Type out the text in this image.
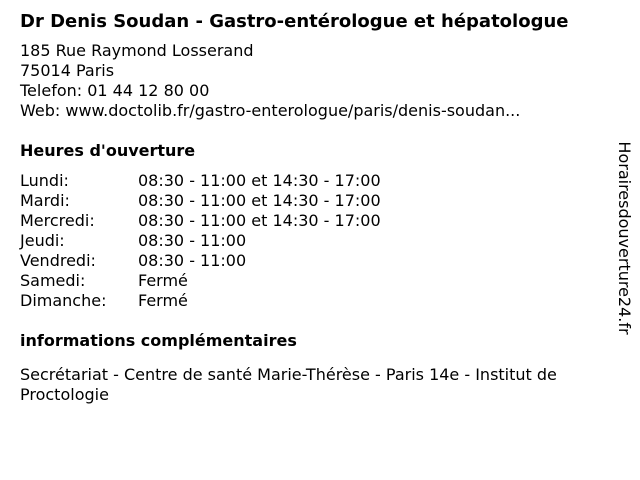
Dr Denis Soudan - Gastro-entérologue et hépatologue
185 Rue Raymond Losserand
75014 Paris
Telefon: 01 44 12 80 00
Web: www.doctolib.fr/gastro-enterologue/paris/denis-soudan...
Heures d'ouverture
Lundi:	08:30 - 11:00 et 14:30 - 17:00
Mardi:	08:30 - 11:00 et 14:30 - 17:00
Mercredi:	08:30 - 11:00 et 14:30 - 17:00
Jeudi:	08:30 - 11:00
Vendredi:	08:30 - 11:00
Samedi:	Fermé
Dimanche:	Fermé
informations complémentaires
Secrétariat - Centre de santé Marie-Thérèse - Paris 14e - Institut de Proctologie
Horairesdouverture24.fr
